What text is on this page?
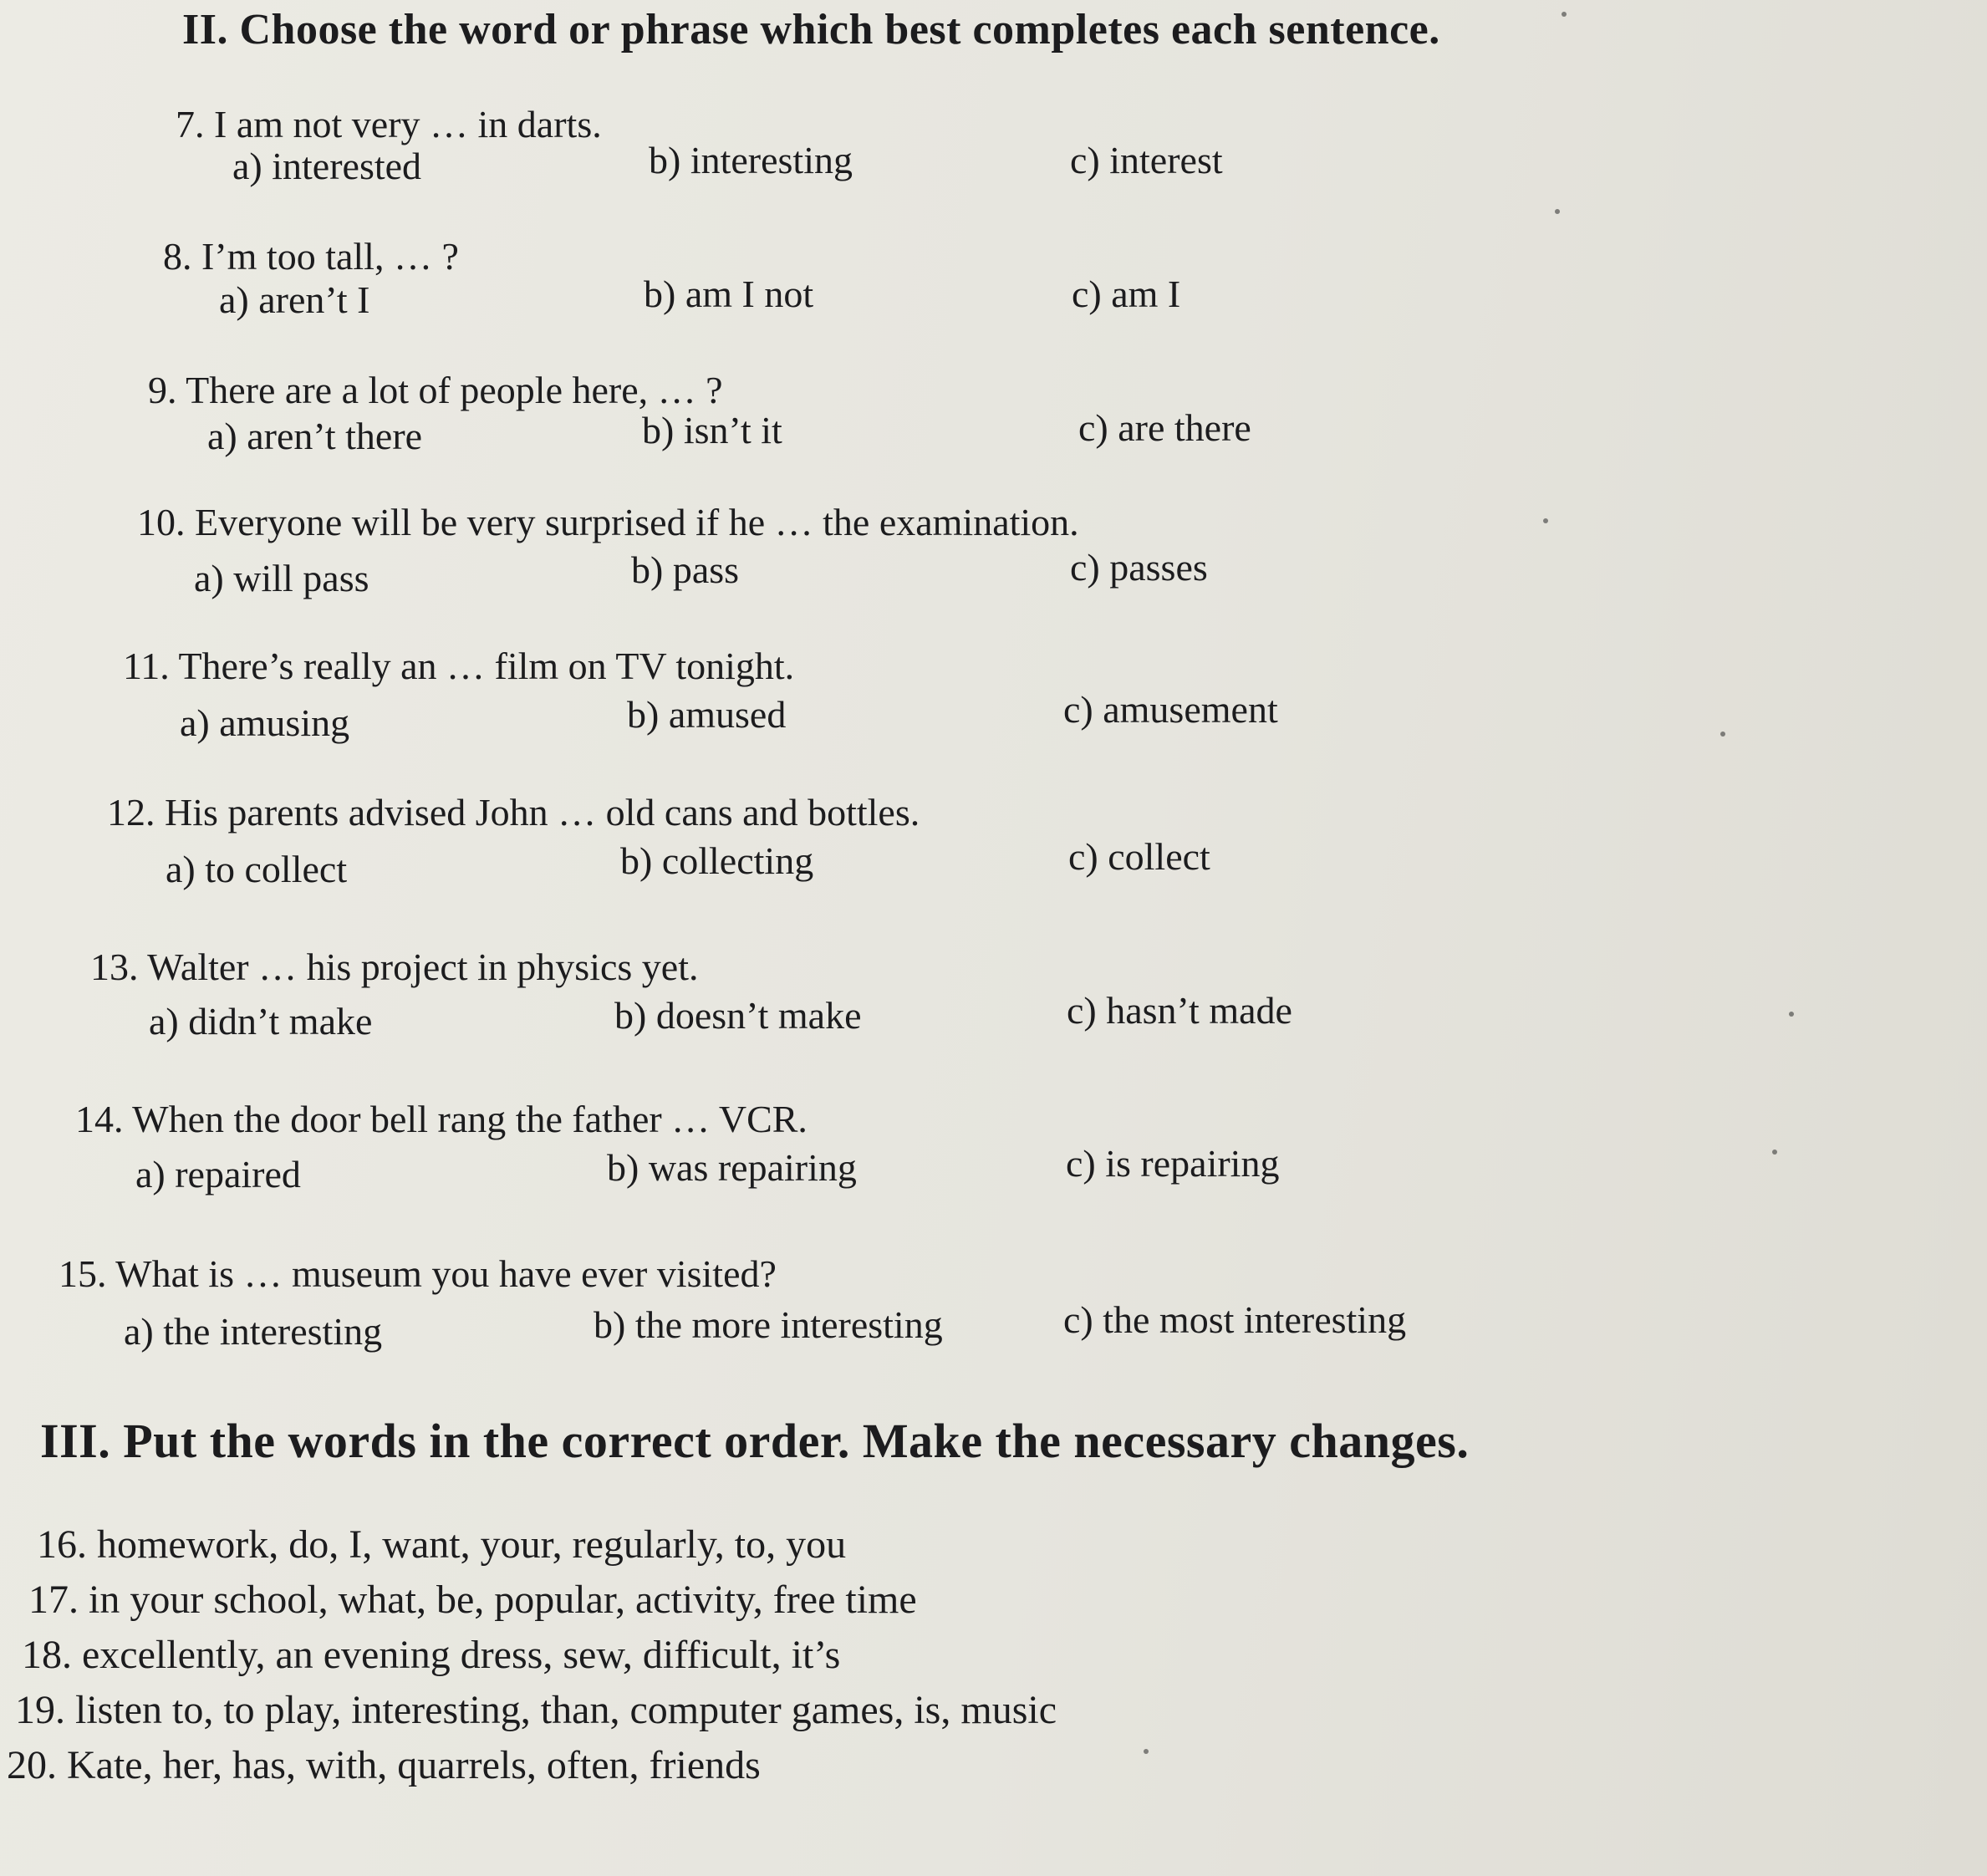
II. Choose the word or phrase which best completes each sentence.
7. I am not very … in darts.
a) interested	b) interesting	c) interest
8. I’m too tall, … ?
a) aren’t I	b) am I not	c) am I
9. There are a lot of people here, … ?
a) aren’t there	b) isn’t it	c) are there
10. Everyone will be very surprised if he … the examination.
a) will pass	b) pass	c) passes
11. There’s really an … film on TV tonight.
a) amusing	b) amused	c) amusement
12. His parents advised John … old cans and bottles.
a) to collect	b) collecting	c) collect
13. Walter … his project in physics yet.
a) didn’t make	b) doesn’t make	c) hasn’t made
14. When the door bell rang the father … VCR.
a) repaired	b) was repairing	c) is repairing
15. What is … museum you have ever visited?
a) the interesting	b) the more interesting	c) the most interesting
III. Put the words in the correct order. Make the necessary changes.
16. homework, do, I, want, your, regularly, to, you
17. in your school, what, be, popular, activity, free time
18. excellently, an evening dress, sew, difficult, it’s
19. listen to, to play, interesting, than, computer games, is, music
20. Kate, her, has, with, quarrels, often, friends
